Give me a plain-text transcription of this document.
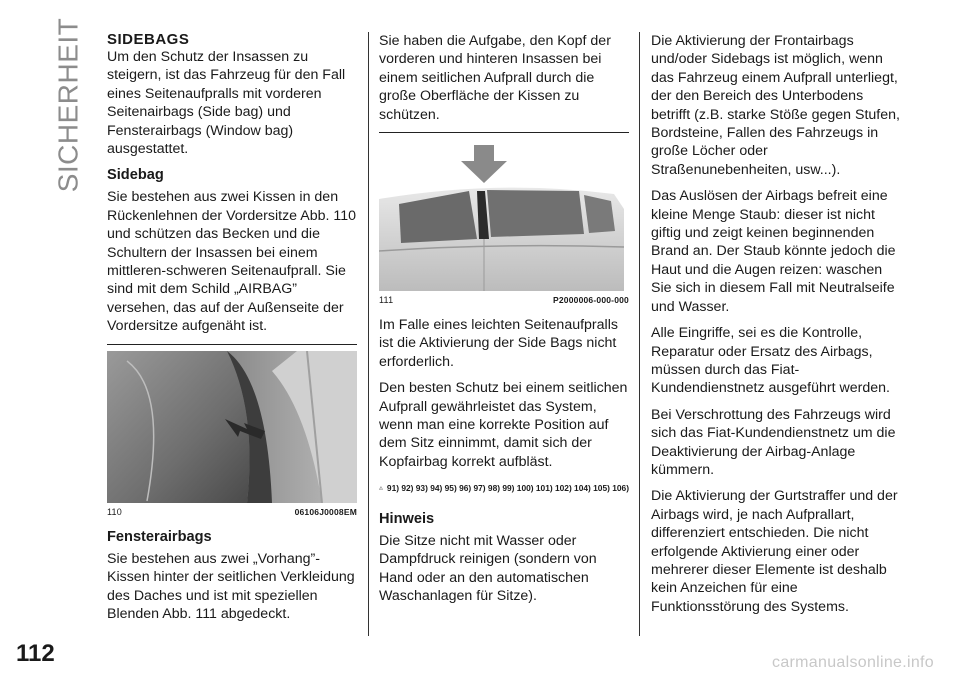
SICHERHEIT SIDEBAGS

Um den Schutz der Insassen zu steigern, ist das Fahrzeug für den Fall eines Seitenaufpralls mit vorderen Seitenairbags (Side bag) und Fensterairbags (Window bag) ausgestattet.

Sidebag

Sie bestehen aus zwei Kissen in den Rückenlehnen der Vordersitze Abb. 110 und schützen das Becken und die Schultern der Insassen bei einem mittleren-schweren Seitenaufprall. Sie sind mit dem Schild „AIRBAG” versehen, das auf der Außenseite der Vordersitze aufgenäht ist.

110	06106J0008EM
Fensterairbags

Sie bestehen aus zwei „Vorhang”-Kissen hinter der seitlichen Verkleidung des Daches und ist mit speziellen Blenden Abb. 111 abgedeckt.

Sie haben die Aufgabe, den Kopf der vorderen und hinteren Insassen bei einem seitlichen Aufprall durch die große Oberfläche der Kissen zu schützen.

111	P2000006-000-000

Im Falle eines leichten Seitenaufpralls ist die Aktivierung der Side Bags nicht erforderlich.

Den besten Schutz bei einem seitlichen Aufprall gewährleistet das System, wenn man eine korrekte Position auf dem Sitz einnimmt, damit sich der Kopfairbag korrekt aufbläst.

91) 92) 93) 94) 95) 96) 97) 98) 99) 100) 101) 102) 104) 105) 106)
Hinweis

Die Sitze nicht mit Wasser oder Dampfdruck reinigen (sondern von Hand oder an den automatischen Waschanlagen für Sitze).

Die Aktivierung der Frontairbags und/oder Sidebags ist möglich, wenn das Fahrzeug einem Aufprall unterliegt, der den Bereich des Unterbodens betrifft (z.B. starke Stöße gegen Stufen, Bordsteine, Fallen des Fahrzeugs in große Löcher oder Straßenunebenheiten, usw...).

Das Auslösen der Airbags befreit eine kleine Menge Staub: dieser ist nicht giftig und zeigt keinen beginnenden Brand an. Der Staub könnte jedoch die Haut und die Augen reizen: waschen Sie sich in diesem Fall mit Neutralseife und Wasser.

Alle Eingriffe, sei es die Kontrolle, Reparatur oder Ersatz des Airbags, müssen durch das Fiat-Kundendienstnetz ausgeführt werden.

Bei Verschrottung des Fahrzeugs wird sich das Fiat-Kundendienstnetz um die Deaktivierung der Airbag-Anlage kümmern.

Die Aktivierung der Gurtstraffer und der Airbags wird, je nach Aufprallart, differenziert entschieden. Die nicht erfolgende Aktivierung einer oder mehrerer dieser Elemente ist deshalb kein Anzeichen für eine Funktionsstörung des Systems.

112	carmanualsonline.info
